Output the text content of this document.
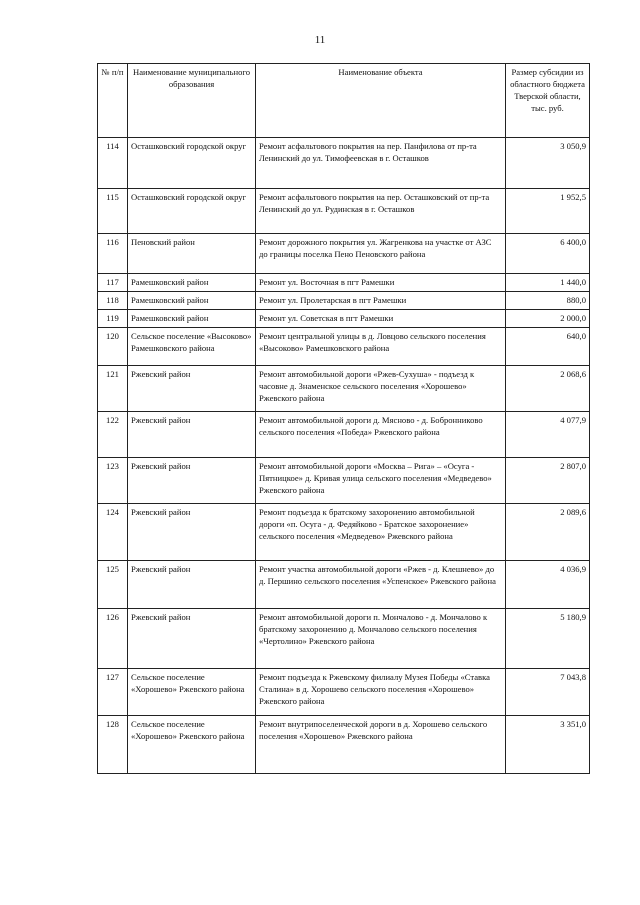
11
№ п/п	Наименование муниципального образования	Наименование объекта	Размер субсидии из областного бюджета Тверской области, тыс. руб.
114	Осташковский городской округ	Ремонт асфальтового покрытия на пер. Панфилова от пр-та Ленинский до ул. Тимофеевская в г. Осташков	3 050,9
115	Осташковский городской округ	Ремонт асфальтового покрытия на пер. Осташковский от пр-та Ленинский до ул. Рудинская в г. Осташков	1 952,5
116	Пеновский район	Ремонт дорожного покрытия ул. Жагренкова на участке от АЗС до границы поселка Пено Пеновского района	6 400,0
117	Рамешковский район	Ремонт ул. Восточная в пгт Рамешки	1 440,0
118	Рамешковский район	Ремонт ул. Пролетарская в пгт Рамешки	880,0
119	Рамешковский район	Ремонт ул. Советская в пгт Рамешки	2 000,0
120	Сельское поселение «Высоково» Рамешковского района	Ремонт центральной улицы в д. Ловцово сельского поселения «Высоково» Рамешковского района	640,0
121	Ржевский район	Ремонт автомобильной дороги «Ржев-Сухуша» - подъезд к часовне д. Знаменское сельского поселения «Хорошево» Ржевского района	2 068,6
122	Ржевский район	Ремонт автомобильной дороги д. Мясново - д. Бобронниково сельского поселения «Победа» Ржевского района	4 077,9
123	Ржевский район	Ремонт автомобильной дороги «Москва – Рига» – «Осуга - Пятницкое» д. Кривая улица сельского поселения «Медведево» Ржевского района	2 807,0
124	Ржевский район	Ремонт подъезда к братскому захоронению автомобильной дороги «п. Осуга - д. Федяйково - Братское захоронение» сельского поселения «Медведево» Ржевского района	2 089,6
125	Ржевский район	Ремонт участка автомобильной дороги «Ржев - д. Клешнево» до д. Першино сельского поселения «Успенское» Ржевского района	4 036,9
126	Ржевский район	Ремонт автомобильной дороги п. Мончалово - д. Мончалово к братскому захоронению д. Мончалово сельского поселения «Чертолино» Ржевского района	5 180,9
127	Сельское поселение «Хорошево» Ржевского района	Ремонт подъезда к Ржевскому филиалу Музея Победы «Ставка Сталина» в д. Хорошево сельского поселения «Хорошево» Ржевского района	7 043,8
128	Сельское поселение «Хорошево» Ржевского района	Ремонт внутрипоселенческой дороги в д. Хорошево сельского поселения «Хорошево» Ржевского района	3 351,0
